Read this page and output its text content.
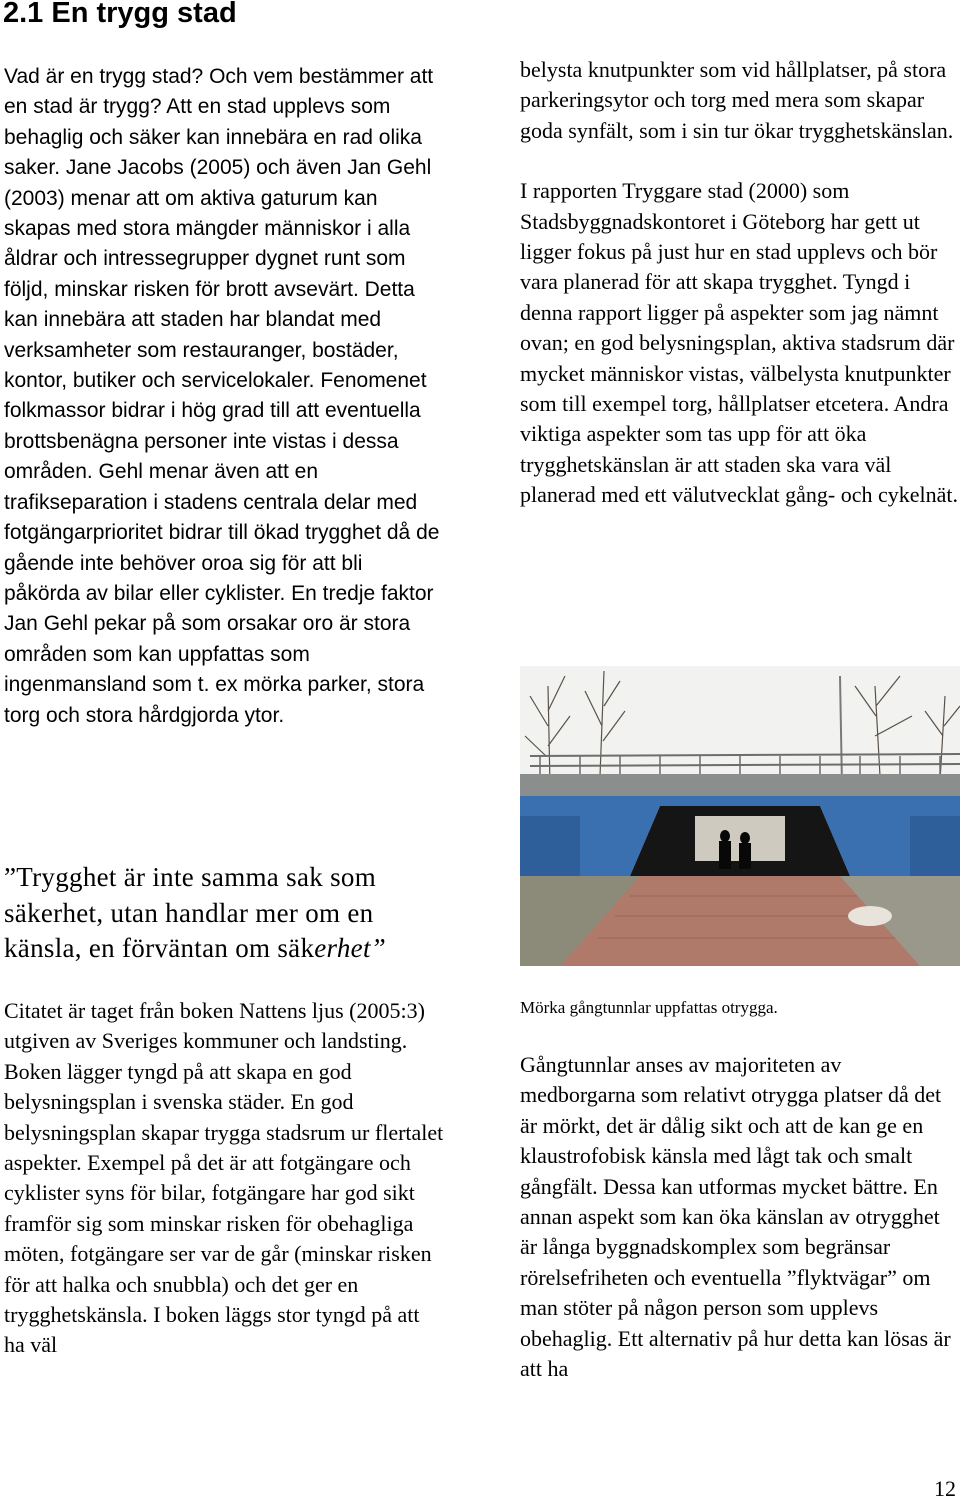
2.1 En trygg stad

Vad är en trygg stad? Och vem bestämmer att en stad är trygg? Att en stad upplevs som behaglig och säker kan innebära en rad olika saker. Jane Jacobs (2005) och även Jan Gehl (2003) menar att om aktiva gaturum kan skapas med stora mängder människor i alla åldrar och intressegrupper dygnet runt som följd, minskar risken för brott avsevärt. Detta kan innebära att staden har blandat med verksamheter som restauranger, bostäder, kontor, butiker och servicelokaler. Fenomenet folkmassor bidrar i hög grad till att eventuella brottsbenägna personer inte vistas i dessa områden. Gehl menar även att en trafikseparation i stadens centrala delar med fotgängarprioritet bidrar till ökad trygghet då de gående inte behöver oroa sig för att bli påkörda av bilar eller cyklister. En tredje faktor Jan Gehl pekar på som orsakar oro är stora områden som kan uppfattas som ingenmansland som t. ex mörka parker, stora torg och stora hårdgjorda ytor.

”Trygghet är inte samma sak som säkerhet, utan handlar mer om en känsla, en förväntan om säkerhet”

Citatet är taget från boken Nattens ljus (2005:3) utgiven av Sveriges kommuner och landsting. Boken lägger tyngd på att skapa en god belysningsplan i svenska städer. En god belysningsplan skapar trygga stadsrum ur flertalet aspekter. Exempel på det är att fotgängare och cyklister syns för bilar, fotgängare har god sikt framför sig som minskar risken för obehagliga möten, fotgängare ser var de går (minskar risken för att halka och snubbla) och det ger en trygghetskänsla. I boken läggs stor tyngd på att ha väl

belysta knutpunkter som vid hållplatser, på stora parkeringsytor och torg med mera som skapar goda synfält, som i sin tur ökar trygghetskänslan.

I rapporten Tryggare stad (2000) som Stadsbyggnadskontoret i Göteborg har gett ut ligger fokus på just hur en stad upplevs och bör vara planerad för att skapa trygghet. Tyngd i denna rapport ligger på aspekter som jag nämnt ovan; en god belysningsplan, aktiva stadsrum där mycket människor vistas, välbelysta knutpunkter som till exempel torg, hållplatser etcetera. Andra viktiga aspekter som tas upp för att öka trygghetskänslan är att staden ska vara väl planerad med ett välutvecklat gång- och cykelnät.

Mörka gångtunnlar uppfattas otrygga.

Gångtunnlar anses av majoriteten av medborgarna som relativt otrygga platser då det är mörkt, det är dålig sikt och att de kan ge en klaustrofobisk känsla med lågt tak och smalt gångfält. Dessa kan utformas mycket bättre. En annan aspekt som kan öka känslan av otrygghet är långa byggnadskomplex som begränsar rörelsefriheten och eventuella ”flyktvägar” om man stöter på någon person som upplevs obehaglig. Ett alternativ på hur detta kan lösas är att ha

12
